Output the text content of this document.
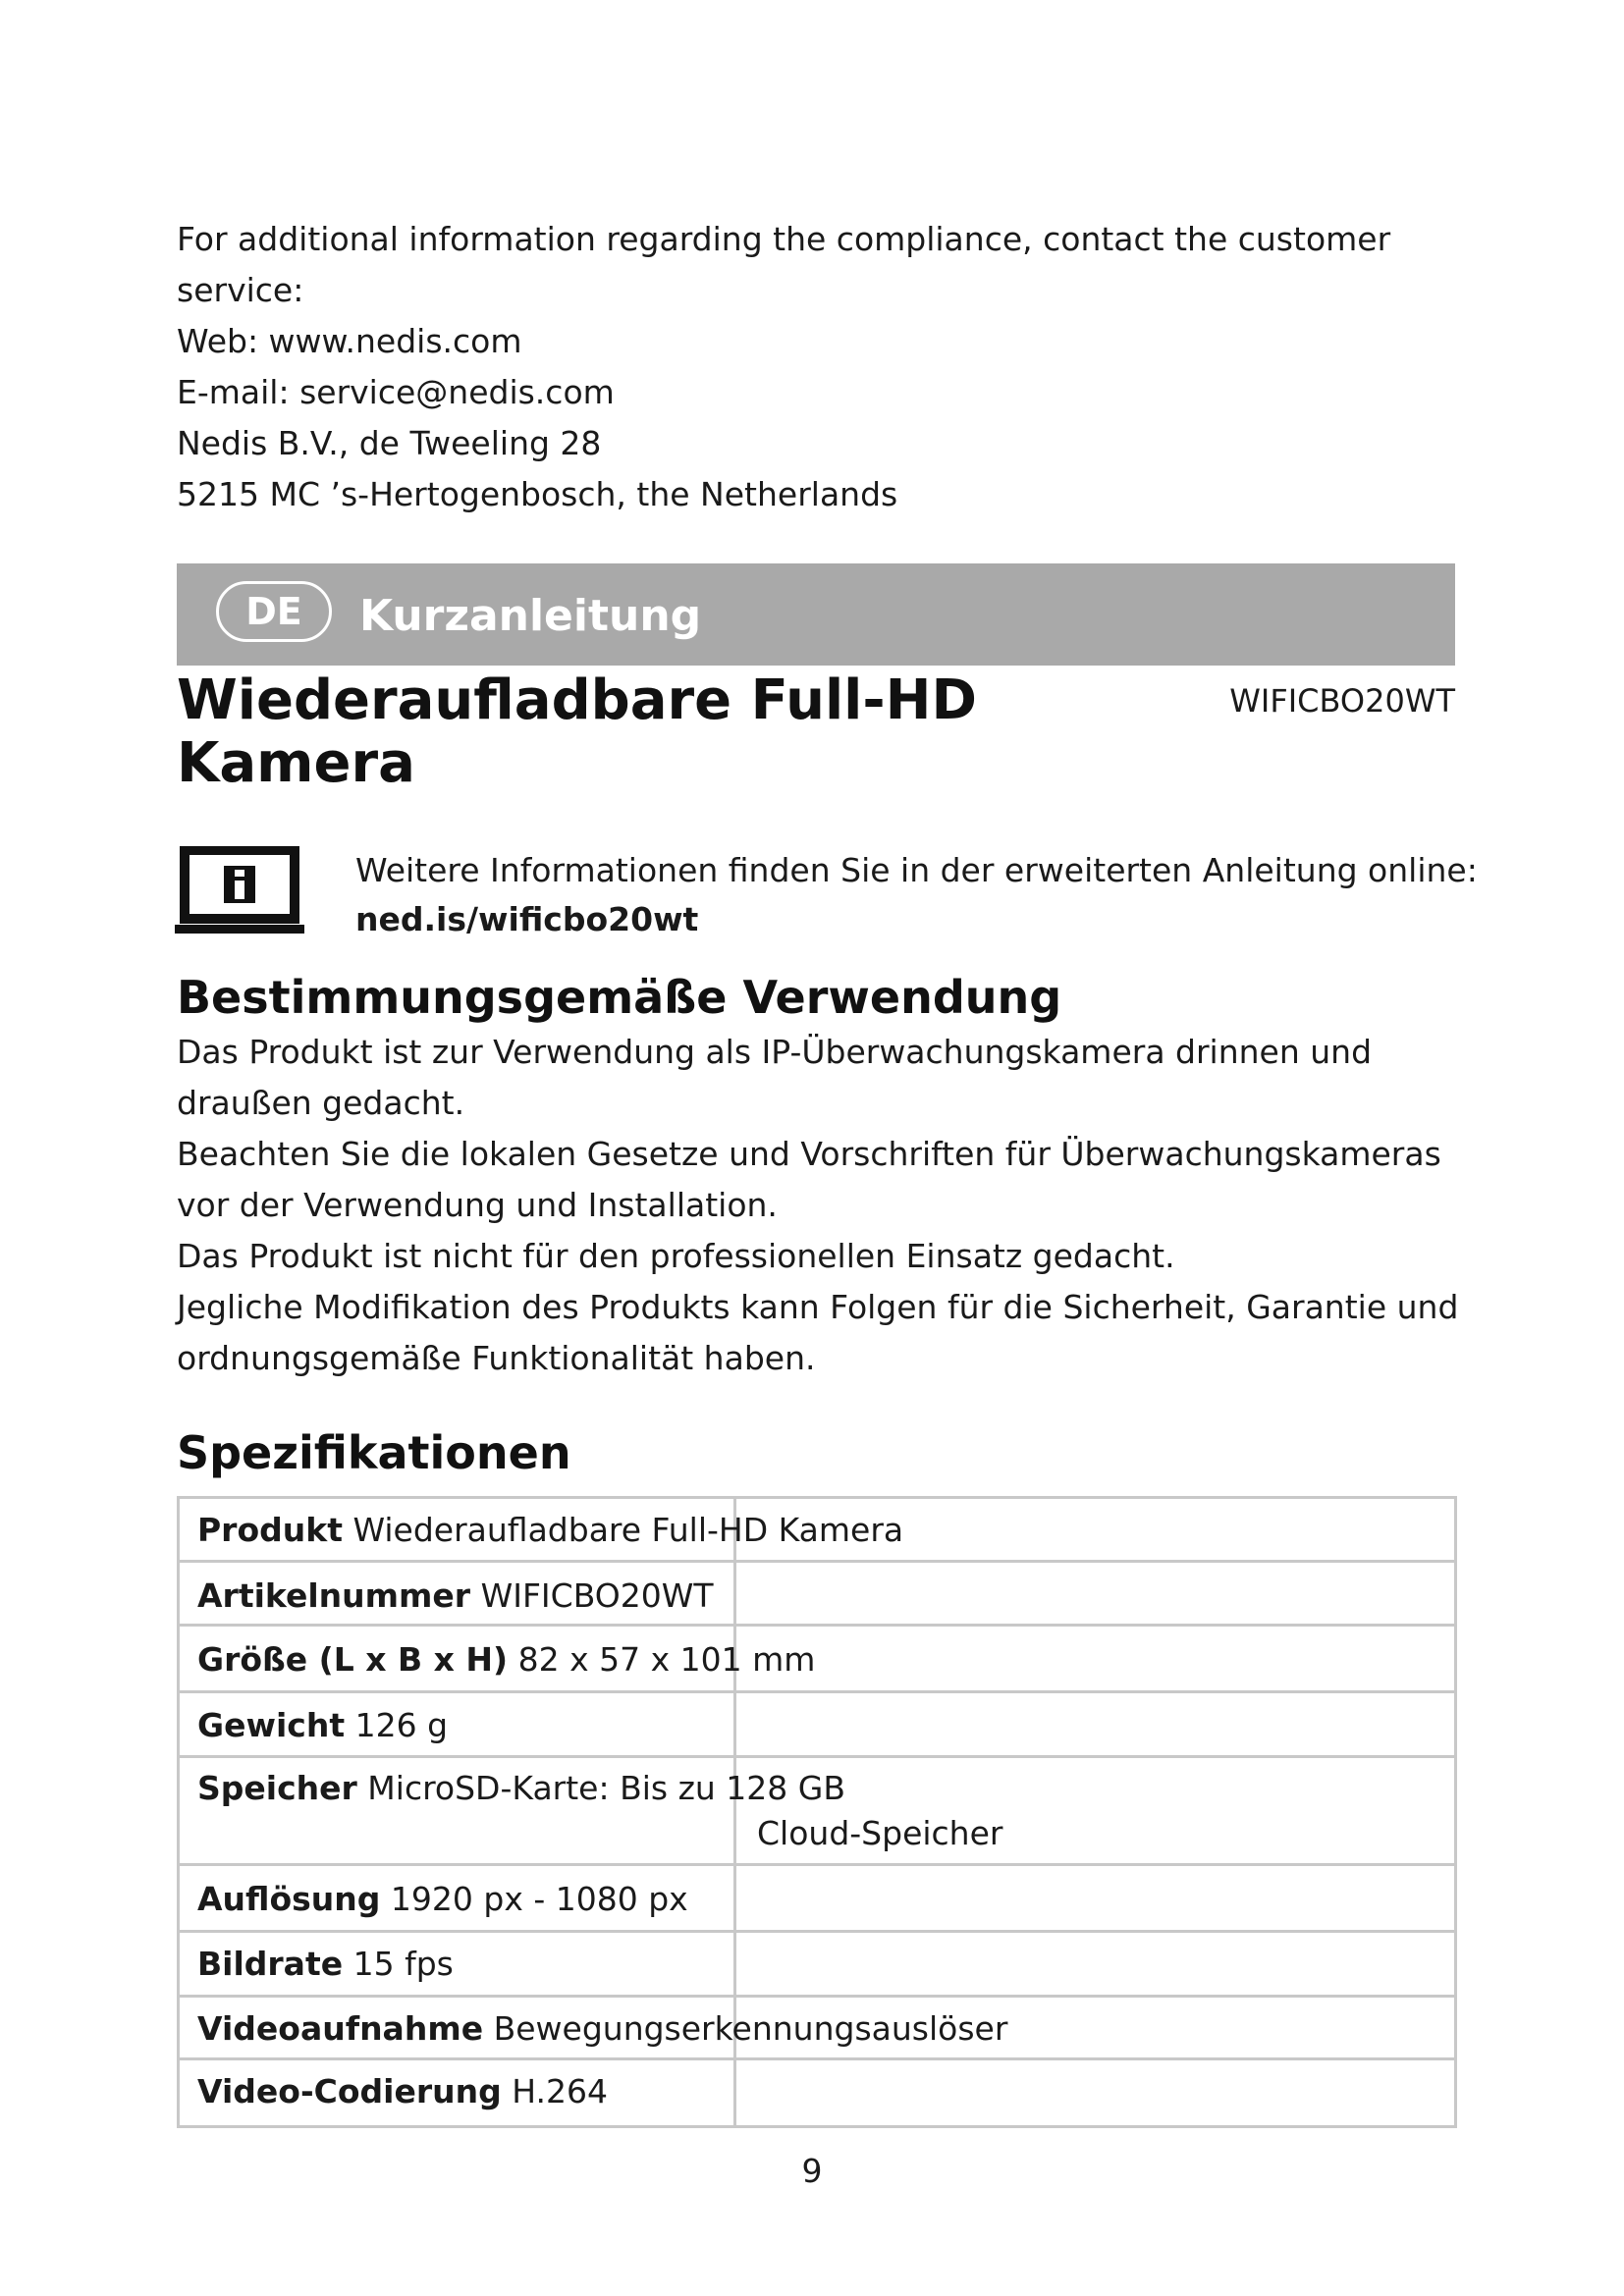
For additional information regarding the compliance, contact the customer
service:
Web: www.nedis.com
E-mail: service@nedis.com
Nedis B.V., de Tweeling 28
5215 MC ’s-Hertogenbosch, the Netherlands
DE	Kurzanleitung
Wiederaufladbare Full-HD
Kamera
WIFICBO20WT
Weitere Informationen finden Sie in der erweiterten Anleitung online:
ned.is/wificbo20wt
Bestimmungsgemäße Verwendung
Das Produkt ist zur Verwendung als IP-Überwachungskamera drinnen und
draußen gedacht.
Beachten Sie die lokalen Gesetze und Vorschriften für Überwachungskameras
vor der Verwendung und Installation.
Das Produkt ist nicht für den professionellen Einsatz gedacht.
Jegliche Modifikation des Produkts kann Folgen für die Sicherheit, Garantie und
ordnungsgemäße Funktionalität haben.
Spezifikationen
Produkt Wiederaufladbare Full-HD Kamera
Artikelnummer WIFICBO20WT
Größe (L x B x H) 82 x 57 x 101 mm
Gewicht 126 g
Speicher MicroSD-Karte: Bis zu 128 GB
Cloud-Speicher
Auflösung 1920 px - 1080 px
Bildrate 15 fps
Videoaufnahme Bewegungserkennungsauslöser
Video-Codierung H.264
9
